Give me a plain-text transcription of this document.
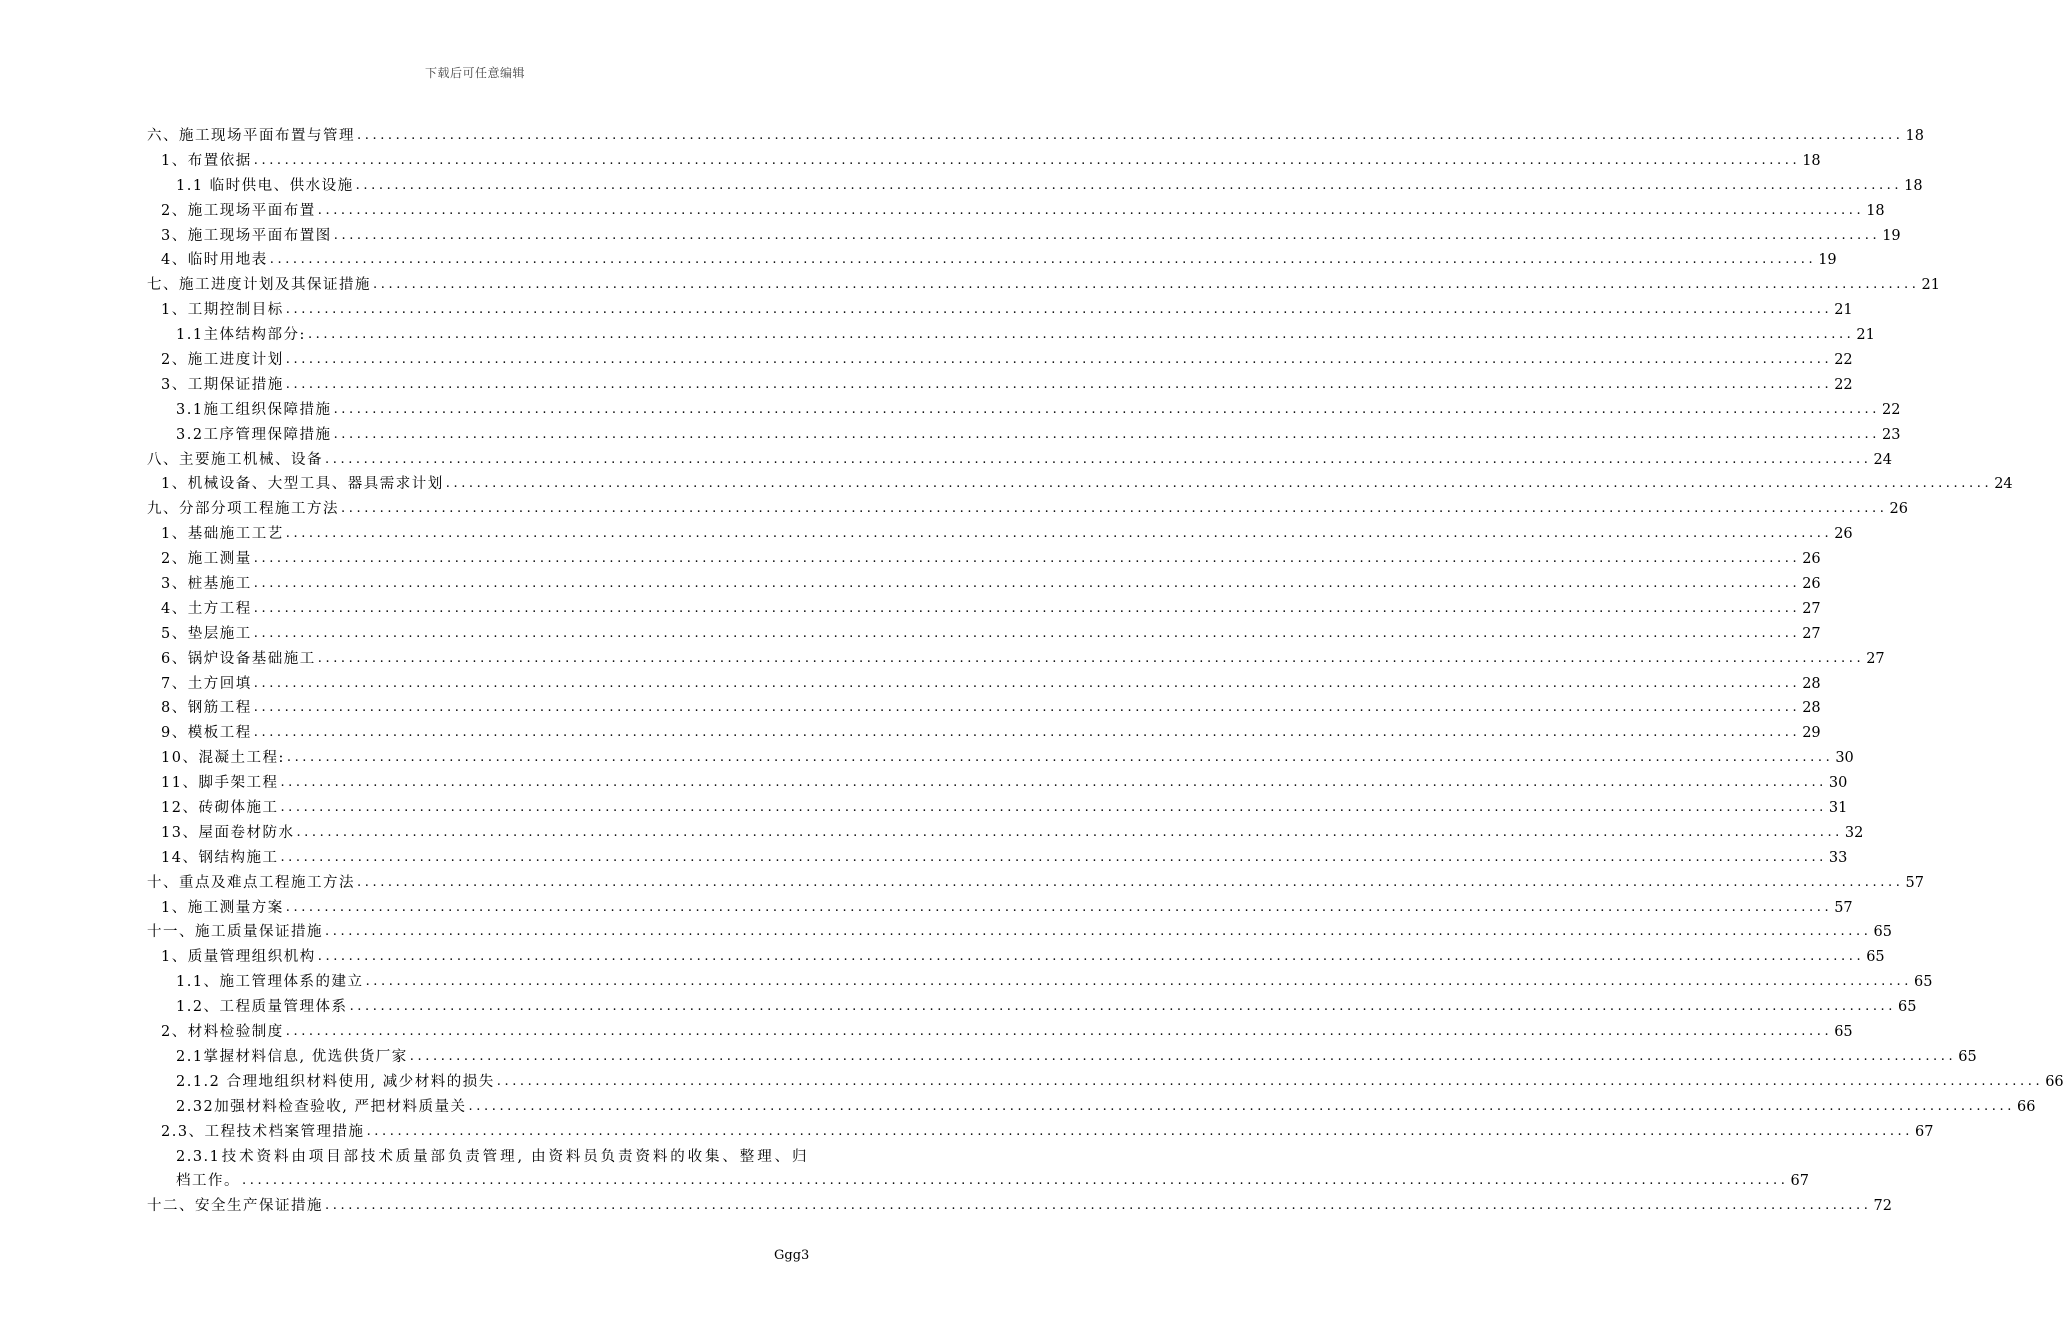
下载后可任意编辑
六、施工现场平面布置与管理 ........................................................................................................................................................................................................ 18
1、布置依据 ........................................................................................................................................................................................................ 18
1.1 临时供电、供水设施 ........................................................................................................................................................................................................ 18
2、施工现场平面布置 ........................................................................................................................................................................................................ 18
3、施工现场平面布置图 ........................................................................................................................................................................................................ 19
4、临时用地表 ........................................................................................................................................................................................................ 19
七、施工进度计划及其保证措施 ........................................................................................................................................................................................................ 21
1、工期控制目标 ........................................................................................................................................................................................................ 21
1.1主体结构部分: ........................................................................................................................................................................................................ 21
2、施工进度计划 ........................................................................................................................................................................................................ 22
3、工期保证措施 ........................................................................................................................................................................................................ 22
3.1施工组织保障措施 ........................................................................................................................................................................................................ 22
3.2工序管理保障措施 ........................................................................................................................................................................................................ 23
八、主要施工机械、设备 ........................................................................................................................................................................................................ 24
1、机械设备、大型工具、器具需求计划 ........................................................................................................................................................................................................ 24
九、分部分项工程施工方法 ........................................................................................................................................................................................................ 26
1、基础施工工艺 ........................................................................................................................................................................................................ 26
2、施工测量 ........................................................................................................................................................................................................ 26
3、桩基施工 ........................................................................................................................................................................................................ 26
4、土方工程 ........................................................................................................................................................................................................ 27
5、垫层施工 ........................................................................................................................................................................................................ 27
6、锅炉设备基础施工 ........................................................................................................................................................................................................ 27
7、土方回填 ........................................................................................................................................................................................................ 28
8、钢筋工程 ........................................................................................................................................................................................................ 28
9、模板工程 ........................................................................................................................................................................................................ 29
10、混凝土工程: ........................................................................................................................................................................................................ 30
11、脚手架工程 ........................................................................................................................................................................................................ 30
12、砖砌体施工 ........................................................................................................................................................................................................ 31
13、屋面卷材防水 ........................................................................................................................................................................................................ 32
14、钢结构施工 ........................................................................................................................................................................................................ 33
十、重点及难点工程施工方法 ........................................................................................................................................................................................................ 57
1、施工测量方案 ........................................................................................................................................................................................................ 57
十一、施工质量保证措施 ........................................................................................................................................................................................................ 65
1、质量管理组织机构 ........................................................................................................................................................................................................ 65
1.1、施工管理体系的建立 ........................................................................................................................................................................................................ 65
1.2、工程质量管理体系 ........................................................................................................................................................................................................ 65
2、材料检验制度 ........................................................................................................................................................................................................ 65
2.1掌握材料信息, 优选供货厂家 ........................................................................................................................................................................................................ 65
2.1.2 合理地组织材料使用, 减少材料的损失 ........................................................................................................................................................................................................ 66
2.32加强材料检查验收, 严把材料质量关 ........................................................................................................................................................................................................ 66
2.3、工程技术档案管理措施 ........................................................................................................................................................................................................ 67
2.3.1技术资料由项目部技术质量部负责管理, 由资料员负责资料的收集、整理、归
档工作。 ........................................................................................................................................................................................................ 67
十二、安全生产保证措施 ........................................................................................................................................................................................................ 72
Ggg3
